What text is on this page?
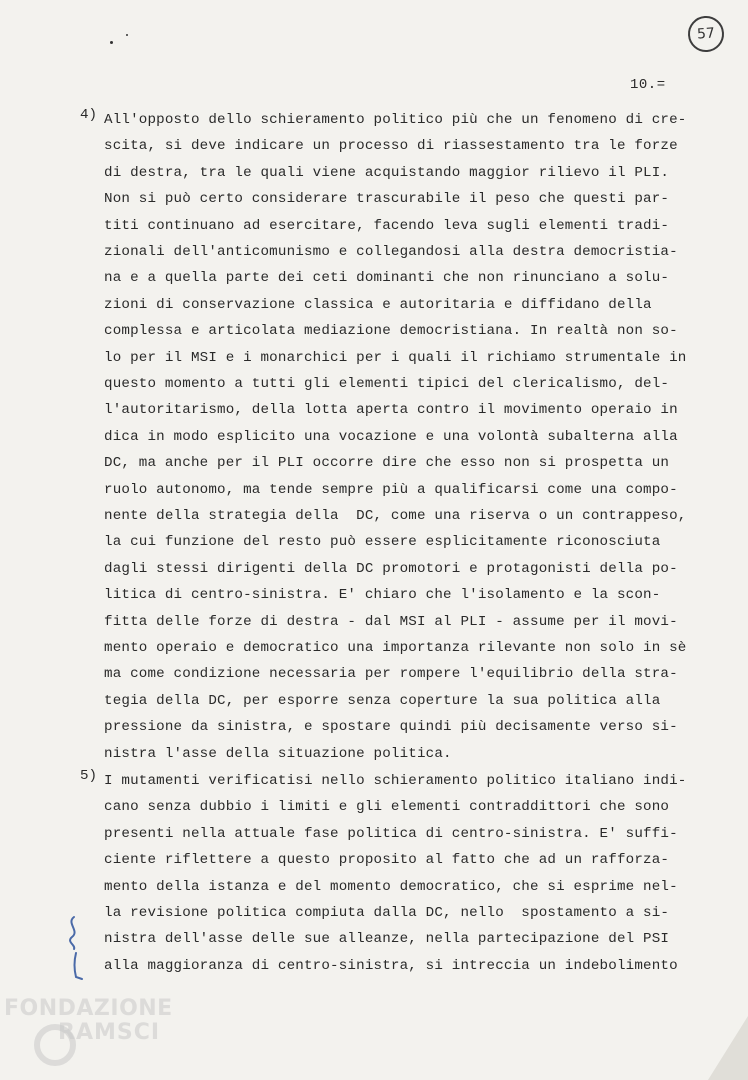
57
10.=
4) All'opposto dello schieramento politico più che un fenomeno di cre-
scita, si deve indicare un processo di riassestamento tra le forze
di destra, tra le quali viene acquistando maggior rilievo il PLI.
Non si può certo considerare trascurabile il peso che questi par-
titi continuano ad esercitare, facendo leva sugli elementi tradi-
zionali dell'anticomunismo e collegandosi alla destra democristia-
na e a quella parte dei ceti dominanti che non rinunciano a solu-
zioni di conservazione classica e autoritaria e diffidano della
complessa e articolata mediazione democristiana. In realtà non so-
lo per il MSI e i monarchici per i quali il richiamo strumentale in
questo momento a tutti gli elementi tipici del clericalismo, del-
l'autoritarismo, della lotta aperta contro il movimento operaio in
dica in modo esplicito una vocazione e una volontà subalterna alla
DC, ma anche per il PLI occorre dire che esso non si prospetta un
ruolo autonomo, ma tende sempre più a qualificarsi come una compo-
nente della strategia della  DC, come una riserva o un contrappeso,
la cui funzione del resto può essere esplicitamente riconosciuta
dagli stessi dirigenti della DC promotori e protagonisti della po-
litica di centro-sinistra. E' chiaro che l'isolamento e la scon-
fitta delle forze di destra - dal MSI al PLI - assume per il movi-
mento operaio e democratico una importanza rilevante non solo in sè
ma come condizione necessaria per rompere l'equilibrio della stra-
tegia della DC, per esporre senza coperture la sua politica alla
pressione da sinistra, e spostare quindi più decisamente verso si-
nistra l'asse della situazione politica.
5) I mutamenti verificatisi nello schieramento politico italiano indi-
cano senza dubbio i limiti e gli elementi contraddittori che sono
presenti nella attuale fase politica di centro-sinistra. E' suffi-
ciente riflettere a questo proposito al fatto che ad un rafforza-
mento della istanza e del momento democratico, che si esprime nel-
la revisione politica compiuta dalla DC, nello  spostamento a si-
nistra dell'asse delle sue alleanze, nella partecipazione del PSI
alla maggioranza di centro-sinistra, si intreccia un indebolimento
FONDAZIONE
RAMSCI
